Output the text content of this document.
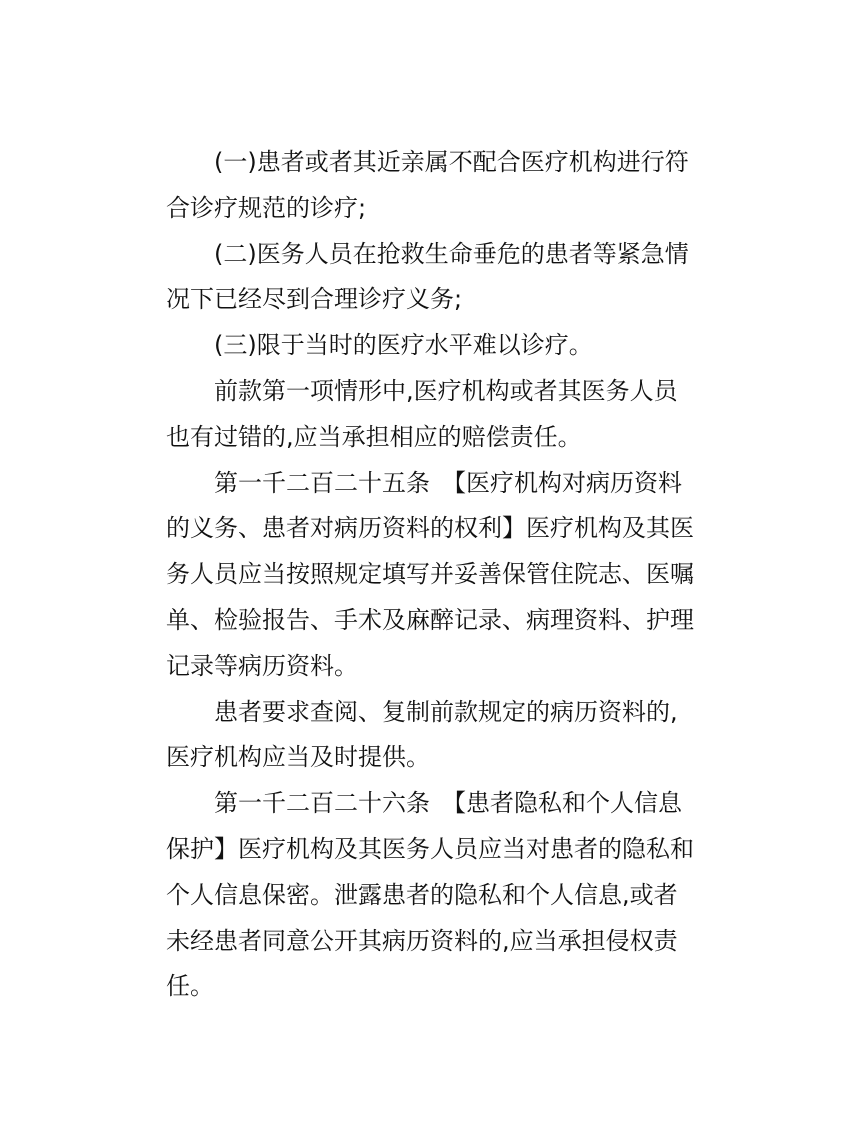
(一)患者或者其近亲属不配合医疗机构进行符合诊疗规范的诊疗;

(二)医务人员在抢救生命垂危的患者等紧急情况下已经尽到合理诊疗义务;

(三)限于当时的医疗水平难以诊疗。

前款第一项情形中,医疗机构或者其医务人员也有过错的,应当承担相应的赔偿责任。

第一千二百二十五条　【医疗机构对病历资料的义务、患者对病历资料的权利】医疗机构及其医务人员应当按照规定填写并妥善保管住院志、医嘱单、检验报告、手术及麻醉记录、病理资料、护理记录等病历资料。

患者要求查阅、复制前款规定的病历资料的,医疗机构应当及时提供。

第一千二百二十六条　【患者隐私和个人信息保护】医疗机构及其医务人员应当对患者的隐私和个人信息保密。泄露患者的隐私和个人信息,或者未经患者同意公开其病历资料的,应当承担侵权责任。
